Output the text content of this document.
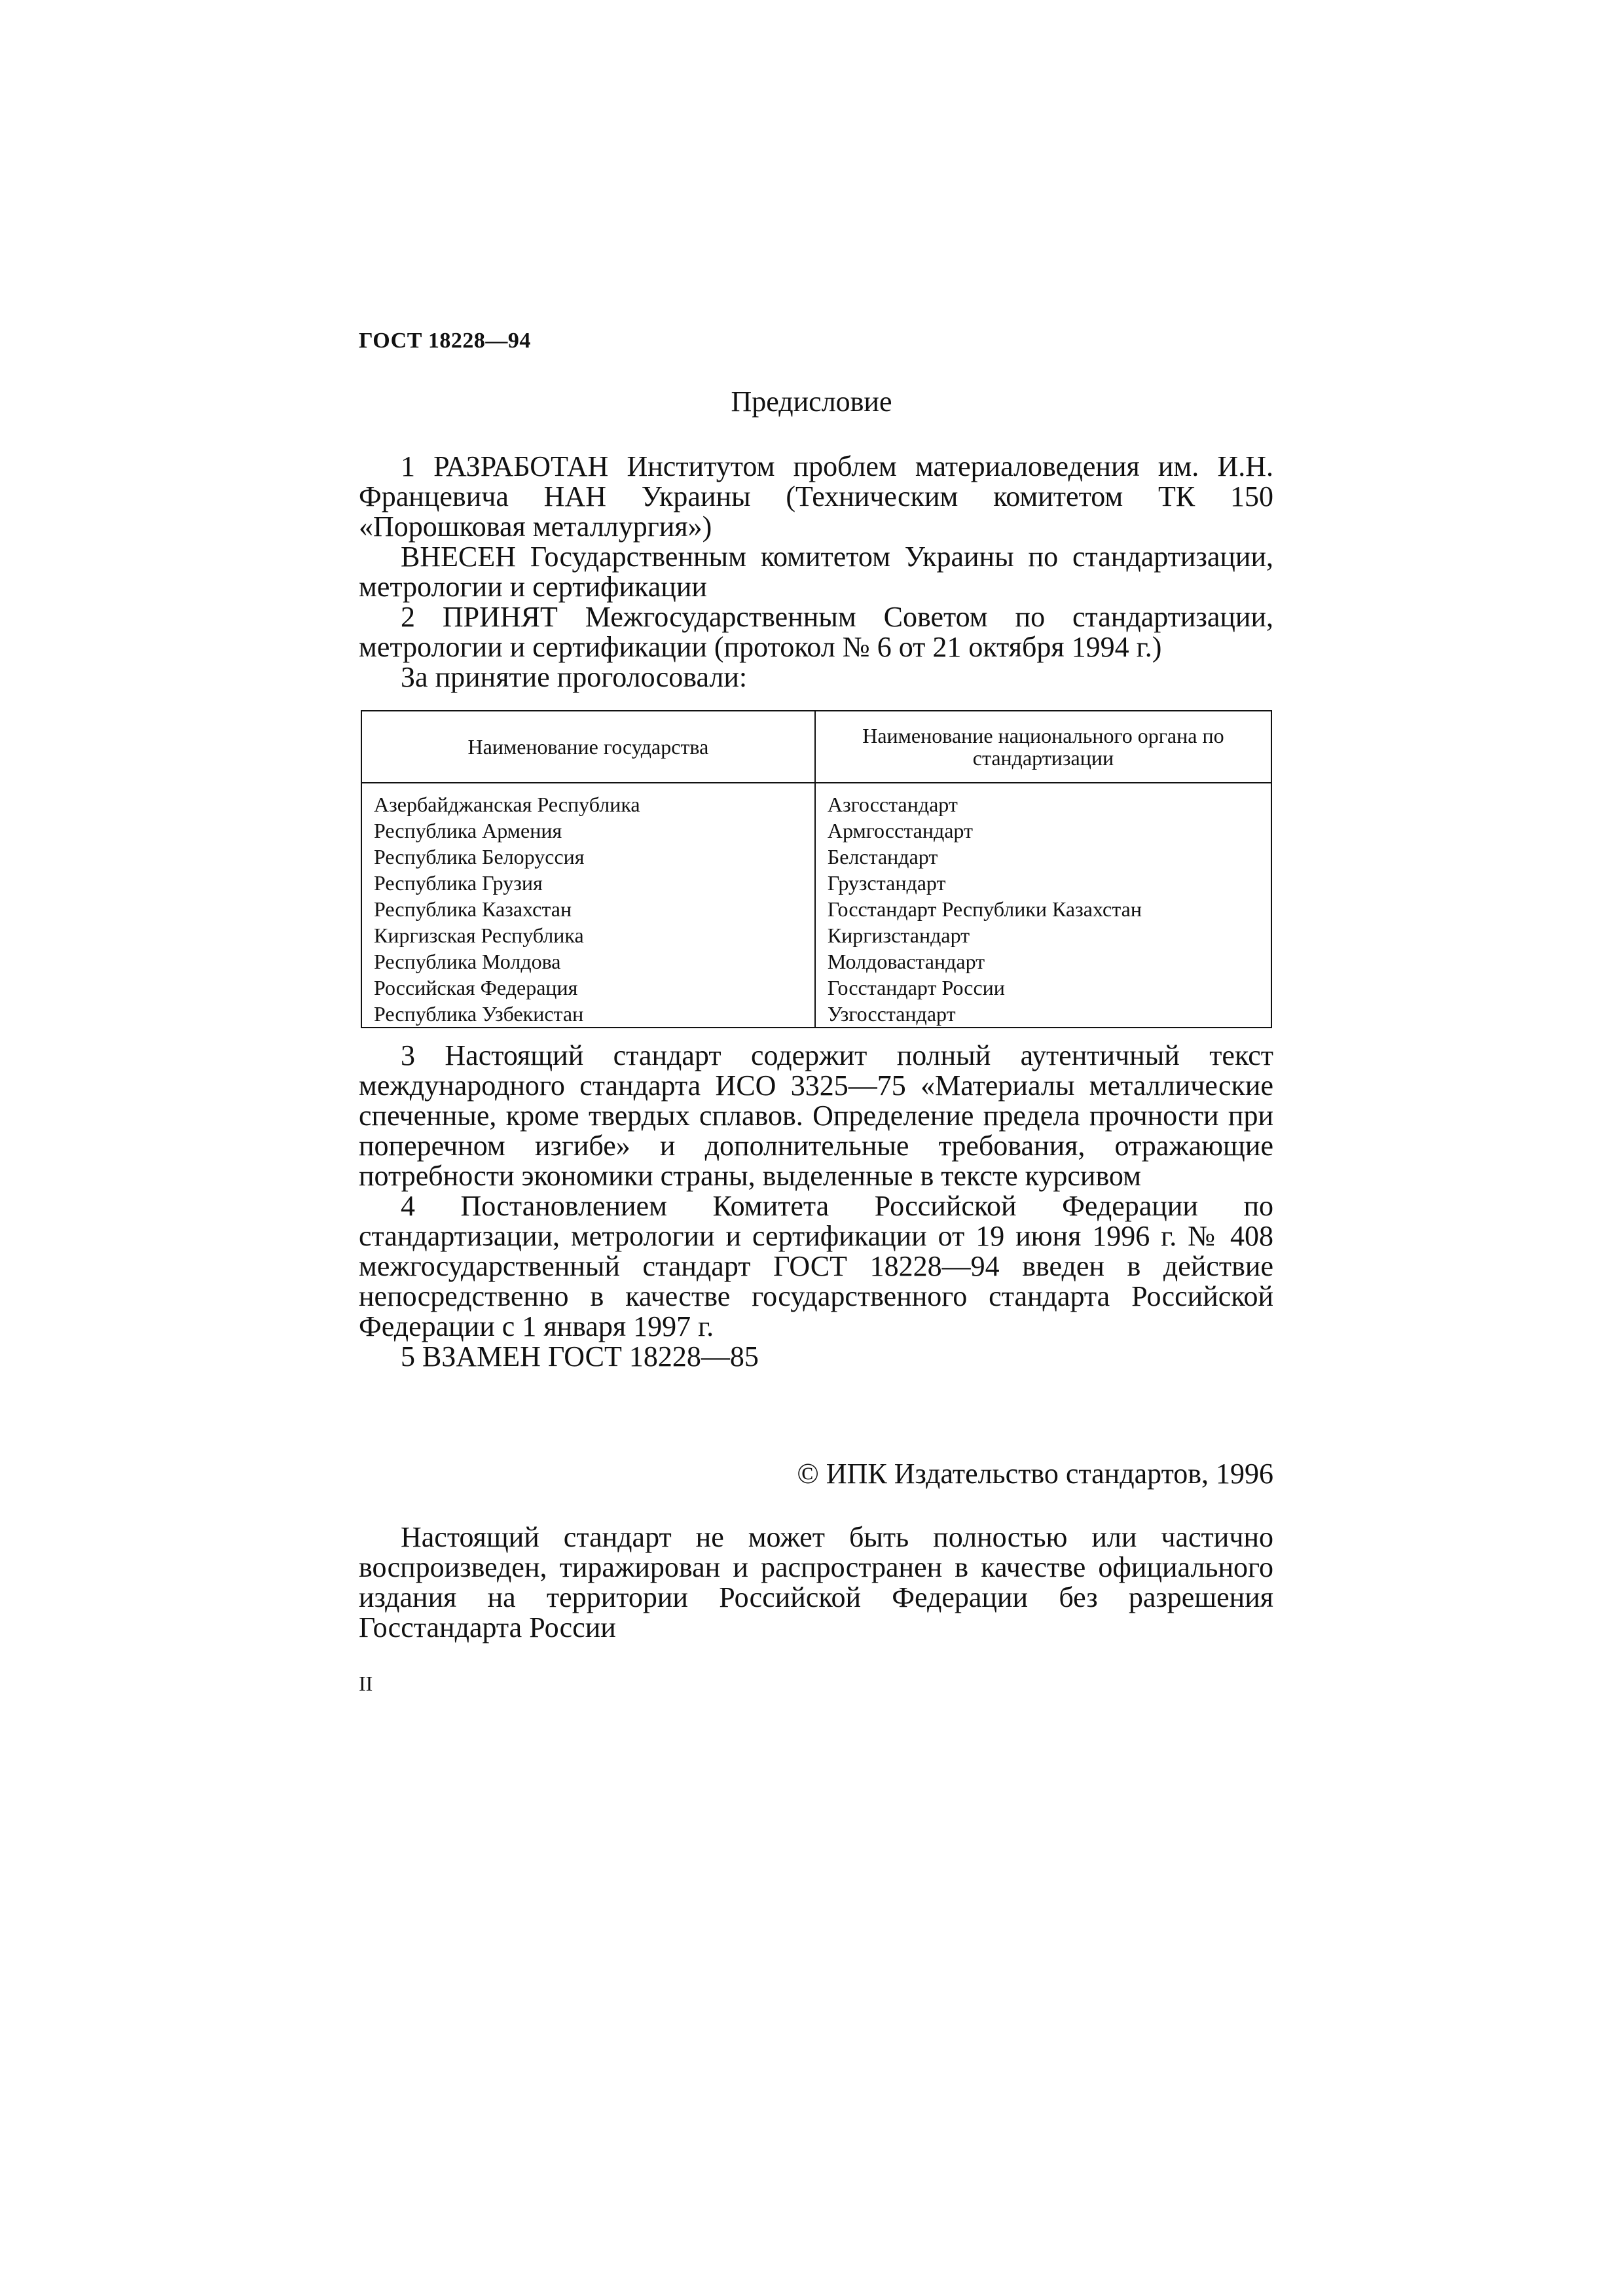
ГОСТ 18228—94
Предисловие

1 РАЗРАБОТАН Институтом проблем материаловедения им. И.Н. Францевича НАН Украины (Техническим комитетом ТК 150 «Порошковая металлургия»)

ВНЕСЕН Государственным комитетом Украины по стандартизации, метрологии и сертификации

2 ПРИНЯТ Межгосударственным Советом по стандартизации, метрологии и сертификации (протокол № 6 от 21 октября 1994 г.)

За принятие проголосовали:

Наименование государства	Наименование национального органа по стандартизации
Азербайджанская Республика	Азгосстандарт
Республика Армения	Армгосстандарт
Республика Белоруссия	Белстандарт
Республика Грузия	Грузстандарт
Республика Казахстан	Госстандарт Республики Казахстан
Киргизская Республика	Киргизстандарт
Республика Молдова	Молдовастандарт
Российская Федерация	Госстандарт России
Республика Узбекистан	Узгосстандарт

3 Настоящий стандарт содержит полный аутентичный текст международного стандарта ИСО 3325—75 «Материалы металлические спеченные, кроме твердых сплавов. Определение предела прочности при поперечном изгибе» и дополнительные требования, отражающие потребности экономики страны, выделенные в тексте курсивом

4 Постановлением Комитета Российской Федерации по стандартизации, метрологии и сертификации от 19 июня 1996 г. № 408 межгосударственный стандарт ГОСТ 18228—94 введен в действие непосредственно в качестве государственного стандарта Российской Федерации с 1 января 1997 г.

5 ВЗАМЕН ГОСТ 18228—85

© ИПК Издательство стандартов, 1996

Настоящий стандарт не может быть полностью или частично воспроизведен, тиражирован и распространен в качестве официального издания на территории Российской Федерации без разрешения Госстандарта России

II
